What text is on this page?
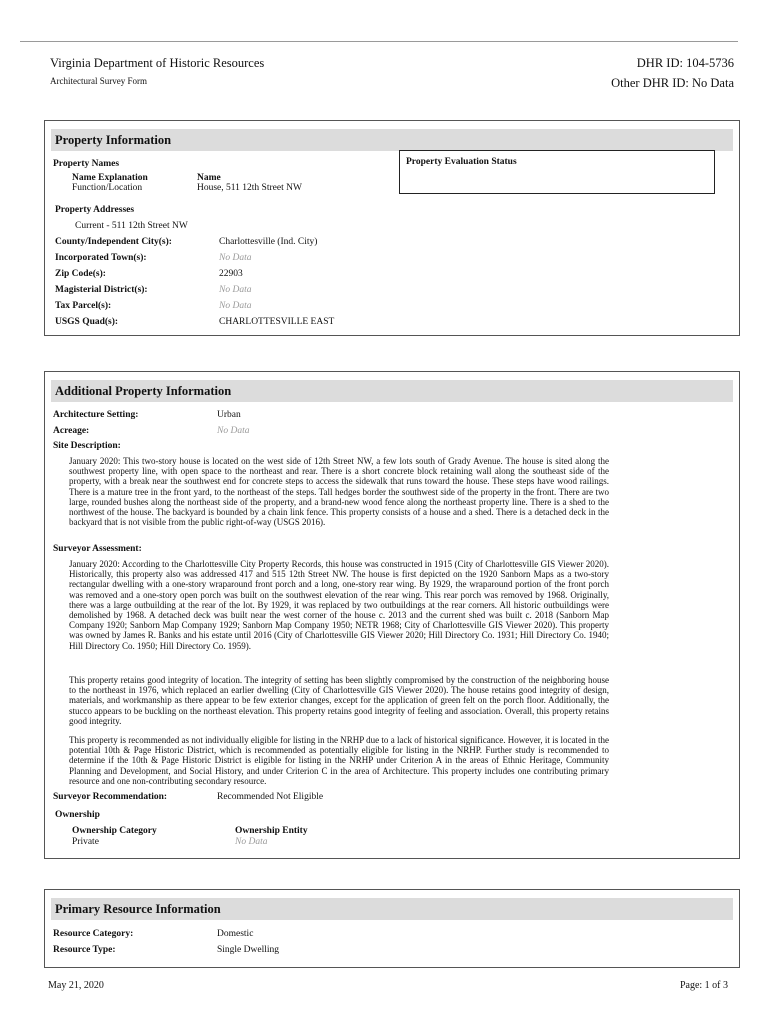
Virginia Department of Historic Resources
Architectural Survey Form
DHR ID: 104-5736
Other DHR ID: No Data
Property Information
Property Names
Name Explanation	Name
Function/Location	House, 511 12th Street NW
Property Evaluation Status
Property Addresses
Current - 511 12th Street NW
County/Independent City(s):	Charlottesville (Ind. City)
Incorporated Town(s):	No Data
Zip Code(s):	22903
Magisterial District(s):	No Data
Tax Parcel(s):	No Data
USGS Quad(s):	CHARLOTTESVILLE EAST
Additional Property Information
Architecture Setting:	Urban
Acreage:	No Data
Site Description:
January 2020: This two-story house is located on the west side of 12th Street NW, a few lots south of Grady Avenue. The house is sited along the southwest property line, with open space to the northeast and rear. There is a short concrete block retaining wall along the southeast side of the property, with a break near the southwest end for concrete steps to access the sidewalk that runs toward the house. These steps have wood railings. There is a mature tree in the front yard, to the northeast of the steps. Tall hedges border the southwest side of the property in the front. There are two large, rounded bushes along the northeast side of the property, and a brand-new wood fence along the northeast property line. There is a shed to the northwest of the house. The backyard is bounded by a chain link fence. This property consists of a house and a shed. There is a detached deck in the backyard that is not visible from the public right-of-way (USGS 2016).
Surveyor Assessment:
January 2020: According to the Charlottesville City Property Records, this house was constructed in 1915 (City of Charlottesville GIS Viewer 2020). Historically, this property also was addressed 417 and 515 12th Street NW. The house is first depicted on the 1920 Sanborn Maps as a two-story rectangular dwelling with a one-story wraparound front porch and a long, one-story rear wing. By 1929, the wraparound portion of the front porch was removed and a one-story open porch was built on the southwest elevation of the rear wing. This rear porch was removed by 1968. Originally, there was a large outbuilding at the rear of the lot. By 1929, it was replaced by two outbuildings at the rear corners. All historic outbuildings were demolished by 1968. A detached deck was built near the west corner of the house c. 2013 and the current shed was built c. 2018 (Sanborn Map Company 1920; Sanborn Map Company 1929; Sanborn Map Company 1950; NETR 1968; City of Charlottesville GIS Viewer 2020). This property was owned by James R. Banks and his estate until 2016 (City of Charlottesville GIS Viewer 2020; Hill Directory Co. 1931; Hill Directory Co. 1940; Hill Directory Co. 1950; Hill Directory Co. 1959).
This property retains good integrity of location. The integrity of setting has been slightly compromised by the construction of the neighboring house to the northeast in 1976, which replaced an earlier dwelling (City of Charlottesville GIS Viewer 2020). The house retains good integrity of design, materials, and workmanship as there appear to be few exterior changes, except for the application of green felt on the porch floor. Additionally, the stucco appears to be buckling on the northeast elevation. This property retains good integrity of feeling and association. Overall, this property retains good integrity.
This property is recommended as not individually eligible for listing in the NRHP due to a lack of historical significance. However, it is located in the potential 10th & Page Historic District, which is recommended as potentially eligible for listing in the NRHP. Further study is recommended to determine if the 10th & Page Historic District is eligible for listing in the NRHP under Criterion A in the areas of Ethnic Heritage, Community Planning and Development, and Social History, and under Criterion C in the area of Architecture. This property includes one contributing primary resource and one non-contributing secondary resource.
Surveyor Recommendation:	Recommended Not Eligible
Ownership
Ownership Category	Ownership Entity
Private	No Data
Primary Resource Information
Resource Category:	Domestic
Resource Type:	Single Dwelling
May 21, 2020	Page: 1 of 3
